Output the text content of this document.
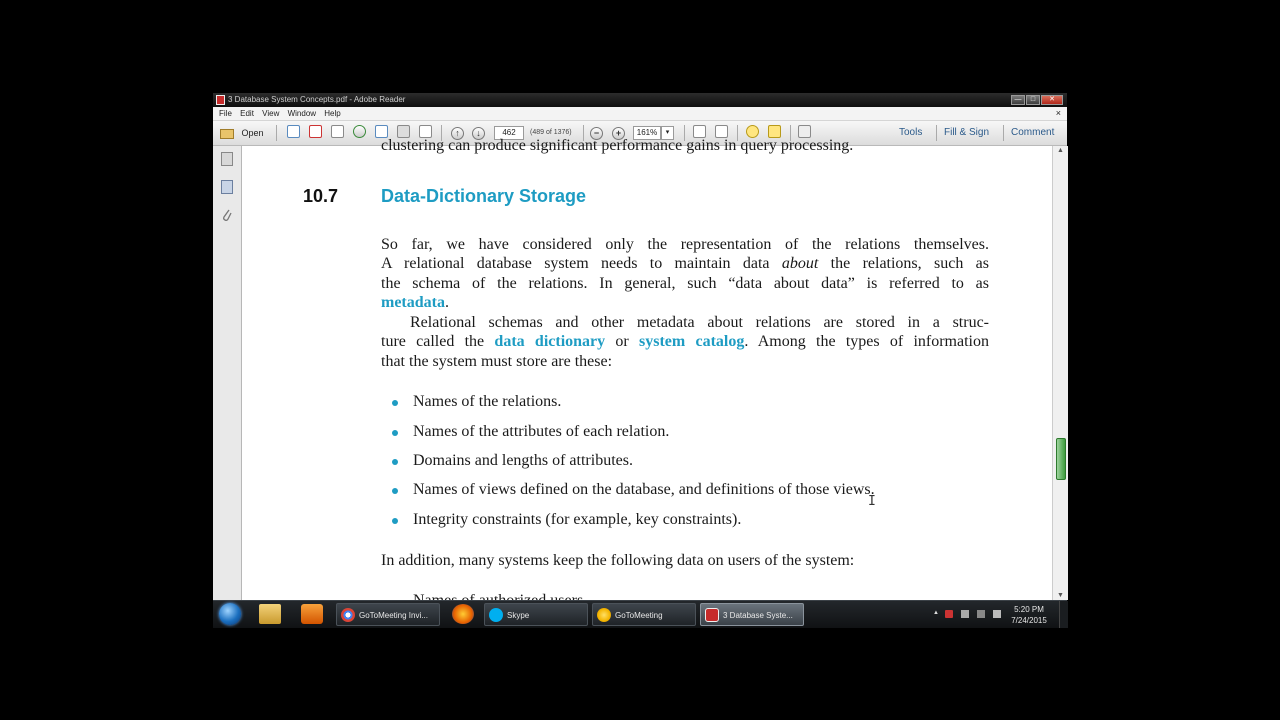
3 Database System Concepts.pdf - Adobe Reader	—	□	✕
File Edit View Window Help	×
Open	↑	↓	462	(489 of 1376)	−	+	161%	▾	Tools Fill & Sign Comment
clustering can produce significant performance gains in query processing.
10.7 Data-Dictionary Storage
So far, we have considered only the representation of the relations themselves.
A relational database system needs to maintain data about the relations, such as
the schema of the relations. In general, such “data about data” is referred to as
metadata.
Relational schemas and other metadata about relations are stored in a struc-
ture called the data dictionary or system catalog. Among the types of information
that the system must store are these:
Names of the relations.
Names of the attributes of each relation.
Domains and lengths of attributes.
Names of views defined on the database, and definitions of those views.
Integrity constraints (for example, key constraints).
In addition, many systems keep the following data on users of the system:
I
▲
▼
GoToMeeting Invi...	Skype	GoToMeeting	3 Database Syste...	▲	5:20 PM
7/24/2015
